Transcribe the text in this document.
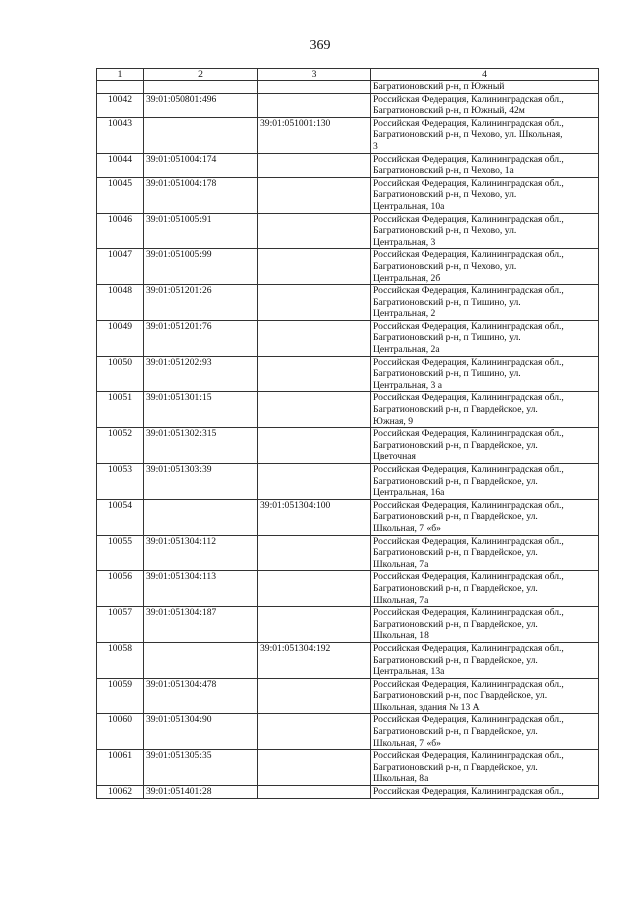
369
1	2	3	4
			Багратионовский р-н, п Южный
10042	39:01:050801:496		Российская Федерация, Калининградская обл.,
Багратионовский р-н, п Южный, 42м
10043		39:01:051001:130	Российская Федерация, Калининградская обл.,
Багратионовский р-н, п Чехово, ул. Школьная,
3
10044	39:01:051004:174		Российская Федерация, Калининградская обл.,
Багратионовский р-н, п Чехово, 1а
10045	39:01:051004:178		Российская Федерация, Калининградская обл.,
Багратионовский р-н, п Чехово, ул.
Центральная, 10а
10046	39:01:051005:91		Российская Федерация, Калининградская обл.,
Багратионовский р-н, п Чехово, ул.
Центральная, 3
10047	39:01:051005:99		Российская Федерация, Калининградская обл.,
Багратионовский р-н, п Чехово, ул.
Центральная, 2б
10048	39:01:051201:26		Российская Федерация, Калининградская обл.,
Багратионовский р-н, п Тишино, ул.
Центральная, 2
10049	39:01:051201:76		Российская Федерация, Калининградская обл.,
Багратионовский р-н, п Тишино, ул.
Центральная, 2а
10050	39:01:051202:93		Российская Федерация, Калининградская обл.,
Багратионовский р-н, п Тишино, ул.
Центральная, 3 а
10051	39:01:051301:15		Российская Федерация, Калининградская обл.,
Багратионовский р-н, п Гвардейское, ул.
Южная, 9
10052	39:01:051302:315		Российская Федерация, Калининградская обл.,
Багратионовский р-н, п Гвардейское, ул.
Цветочная
10053	39:01:051303:39		Российская Федерация, Калининградская обл.,
Багратионовский р-н, п Гвардейское, ул.
Центральная, 16а
10054		39:01:051304:100	Российская Федерация, Калининградская обл.,
Багратионовский р-н, п Гвардейское, ул.
Школьная, 7 «б»
10055	39:01:051304:112		Российская Федерация, Калининградская обл.,
Багратионовский р-н, п Гвардейское, ул.
Школьная, 7а
10056	39:01:051304:113		Российская Федерация, Калининградская обл.,
Багратионовский р-н, п Гвардейское, ул.
Школьная, 7а
10057	39:01:051304:187		Российская Федерация, Калининградская обл.,
Багратионовский р-н, п Гвардейское, ул.
Школьная, 18
10058		39:01:051304:192	Российская Федерация, Калининградская обл.,
Багратионовский р-н, п Гвардейское, ул.
Центральная, 13а
10059	39:01:051304:478		Российская Федерация, Калининградская обл.,
Багратионовский р-н, пос Гвардейское, ул.
Школьная, здания № 13 А
10060	39:01:051304:90		Российская Федерация, Калининградская обл.,
Багратионовский р-н, п Гвардейское, ул.
Школьная, 7 «б»
10061	39:01:051305:35		Российская Федерация, Калининградская обл.,
Багратионовский р-н, п Гвардейское, ул.
Школьная, 8а
10062	39:01:051401:28		Российская Федерация, Калининградская обл.,
